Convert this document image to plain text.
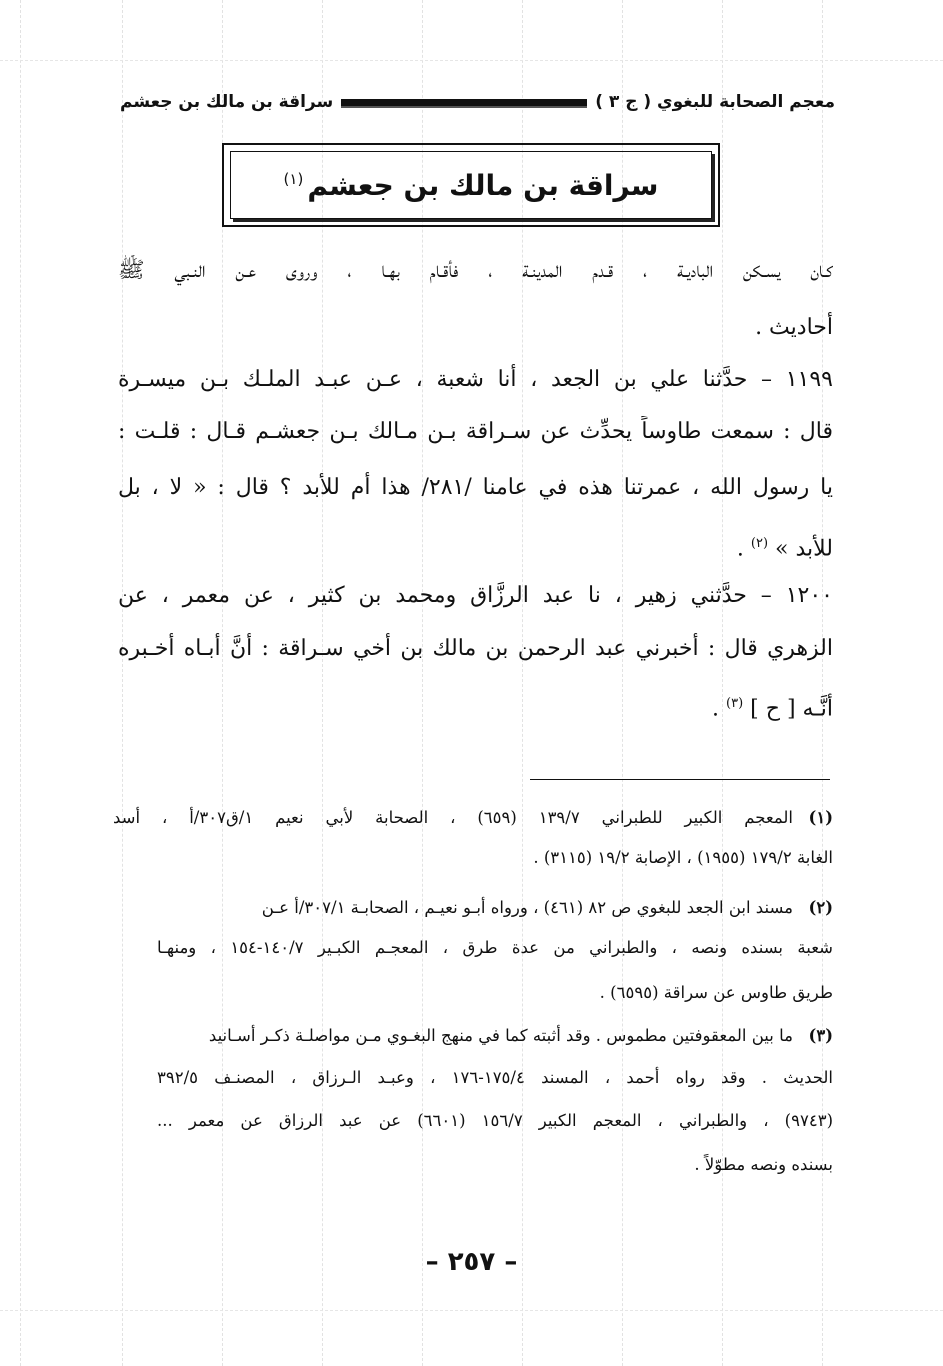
معجم الصحابة للبغوي ( ج ٣ )
سراقة بن مالك بن جعشم
سراقة بن مالك بن جعشم$^{(١)}$
كـان يسـكن الباديـة ، قـدم المدينـة ، فأقـام بهـا ، وروى عـن النـبي ﷺ
أحاديث .
١١٩٩ – حدَّثنا علي بن الجعد ، أنا شعبة ، عـن عبـد الملـك بـن ميسـرة
قال : سمعت طاوساً يحدِّث عن سـراقة بـن مـالك بـن جعشـم قـال : قلـت :
يا رسول الله ، عمرتنا هذه في عامنا /٢٨١/ هذا أم للأبد ؟ قال : « لا ، بل
للأبد » $^{(٢)}$ .
١٢٠٠ – حدَّثني زهير ، نا عبد الرزَّاق ومحمد بن كثير ، عن معمر ، عن
الزهري قال : أخبرني عبد الرحمن بن مالك بن أخي سـراقة : أنَّ أبـاه أخـبره
أنَّـه [ ح ] $^{(٣)}$ .
(١)المعجم الكبير للطبراني ١٣٩/٧ (٦٥٩) ، الصحابة لأبي نعيم ١/ق٣٠٧/أ ، أسد
الغابة ١٧٩/٢ (١٩٥٥) ، الإصابة ١٩/٢ (٣١١٥) .
(٢)مسند ابن الجعد للبغوي ص ٨٢ (٤٦١) ، ورواه أبـو نعيـم ، الصحابـة ٣٠٧/١/أ عـن
شعبة بسنده ونصه ، والطبراني من عدة طرق ، المعجـم الكبـير ١٤٠/٧-١٥٤ ، ومنهـا
طريق طاوس عن سراقة (٦٥٩٥) .
(٣)ما بين المعقوفتين مطموس . وقد أثبته كما في منهج البغـوي مـن مواصلـة ذكـر أسـانيد
الحديث . وقد رواه أحمد ، المسند ١٧٥/٤-١٧٦ ، وعبـد الـرزاق ، المصنـف ٣٩٢/٥
(٩٧٤٣) ، والطبراني ، المعجم الكبير ١٥٦/٧ (٦٦٠١) عن عبد الرزاق عن معمر ...
بسنده ونصه مطوّلاً .
– ٢٥٧ –
